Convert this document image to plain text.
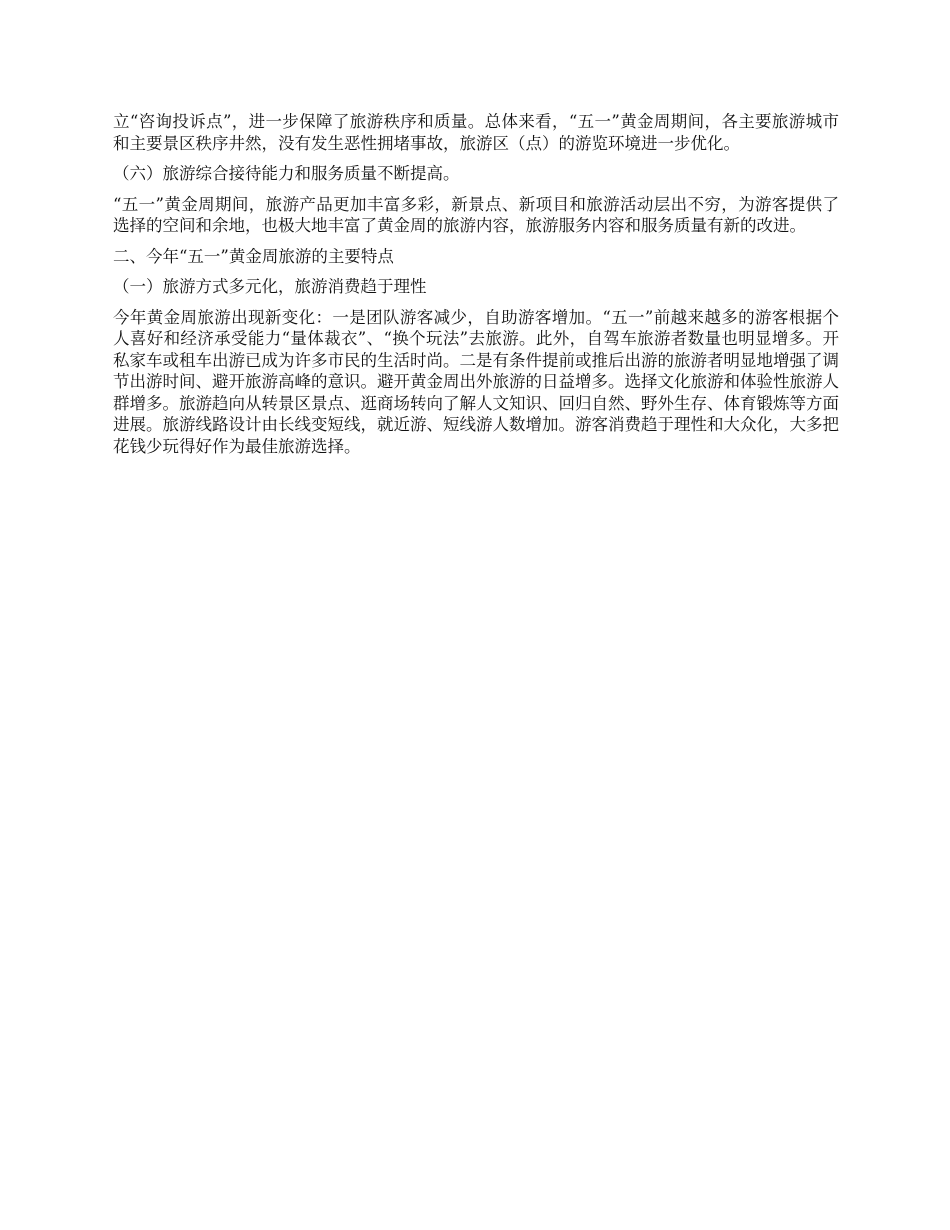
立“咨询投诉点”，进一步保障了旅游秩序和质量。总体来看，“五一”黄金周期间，各主要旅游城市和主要景区秩序井然，没有发生恶性拥堵事故，旅游区（点）的游览环境进一步优化。

（六）旅游综合接待能力和服务质量不断提高。

“五一”黄金周期间，旅游产品更加丰富多彩，新景点、新项目和旅游活动层出不穷，为游客提供了选择的空间和余地，也极大地丰富了黄金周的旅游内容，旅游服务内容和服务质量有新的改进。

二、今年“五一”黄金周旅游的主要特点

（一）旅游方式多元化，旅游消费趋于理性

今年黄金周旅游出现新变化：一是团队游客减少，自助游客增加。“五一”前越来越多的游客根据个人喜好和经济承受能力“量体裁衣”、“换个玩法”去旅游。此外，自驾车旅游者数量也明显增多。开私家车或租车出游已成为许多市民的生活时尚。二是有条件提前或推后出游的旅游者明显地增强了调节出游时间、避开旅游高峰的意识。避开黄金周出外旅游的日益增多。选择文化旅游和体验性旅游人群增多。旅游趋向从转景区景点、逛商场转向了解人文知识、回归自然、野外生存、体育锻炼等方面进展。旅游线路设计由长线变短线，就近游、短线游人数增加。游客消费趋于理性和大众化，大多把花钱少玩得好作为最佳旅游选择。
